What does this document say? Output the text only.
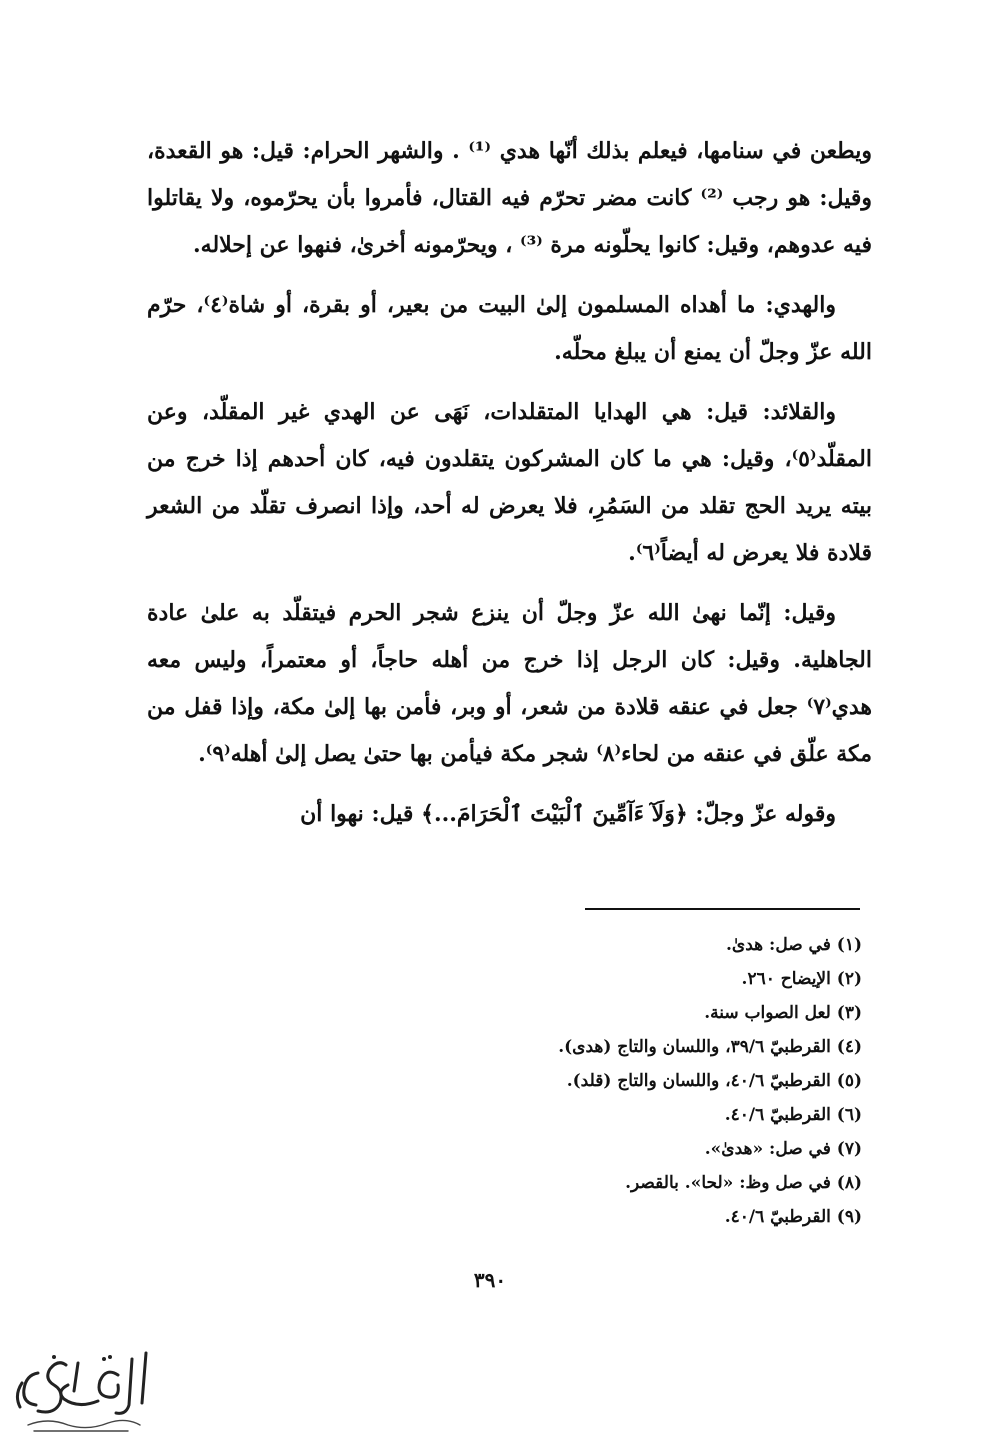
ويطعن في سنامها، فيعلم بذلك أنّها هدي ⁽¹⁾ . والشهر الحرام: قيل: هو القعدة، وقيل: هو رجب ⁽²⁾ كانت مضر تحرّم فيه القتال، فأمروا بأن يحرّموه، ولا يقاتلوا فيه عدوهم، وقيل: كانوا يحلّونه مرة ⁽³⁾ ، ويحرّمونه أخرىٰ، فنهوا عن إحلاله.

والهدي: ما أهداه المسلمون إلىٰ البيت من بعير، أو بقرة، أو شاة⁽٤⁾، حرّم الله عزّ وجلّ أن يمنع أن يبلغ محلّه.

والقلائد: قيل: هي الهدايا المتقلدات، نَهَى عن الهدي غير المقلّد، وعن المقلّد⁽٥⁾، وقيل: هي ما كان المشركون يتقلدون فيه، كان أحدهم إذا خرج من بيته يريد الحج تقلد من السَمُرِ، فلا يعرض له أحد، وإذا انصرف تقلّد من الشعر قلادة فلا يعرض له أيضاً⁽٦⁾.

وقيل: إنّما نهىٰ الله عزّ وجلّ أن ينزع شجر الحرم فيتقلّد به علىٰ عادة الجاهلية. وقيل: كان الرجل إذا خرج من أهله حاجاً، أو معتمراً، وليس معه هدي⁽٧⁾ جعل في عنقه قلادة من شعر، أو وبر، فأمن بها إلىٰ مكة، وإذا قفل من مكة علّق في عنقه من لحاء⁽٨⁾ شجر مكة فيأمن بها حتىٰ يصل إلىٰ أهله⁽٩⁾.

وقوله عزّ وجلّ: ﴿وَلَآ ءَآمِّينَ ٱلْبَيْتَ ٱلْحَرَامَ...﴾ قيل: نهوا أن

(١) في صل: هدىٰ.
(٢) الإيضاح ٢٦٠.
(٣) لعل الصواب سنة.
(٤) القرطبيّ ٣٩/٦، واللسان والتاج (هدى).
(٥) القرطبيّ ٤٠/٦، واللسان والتاج (قلد).
(٦) القرطبيّ ٤٠/٦.
(٧) في صل: «هدىٰ».
(٨) في صل وظ: «لحا». بالقصر.
(٩) القرطبيّ ٤٠/٦.
٣٩٠
